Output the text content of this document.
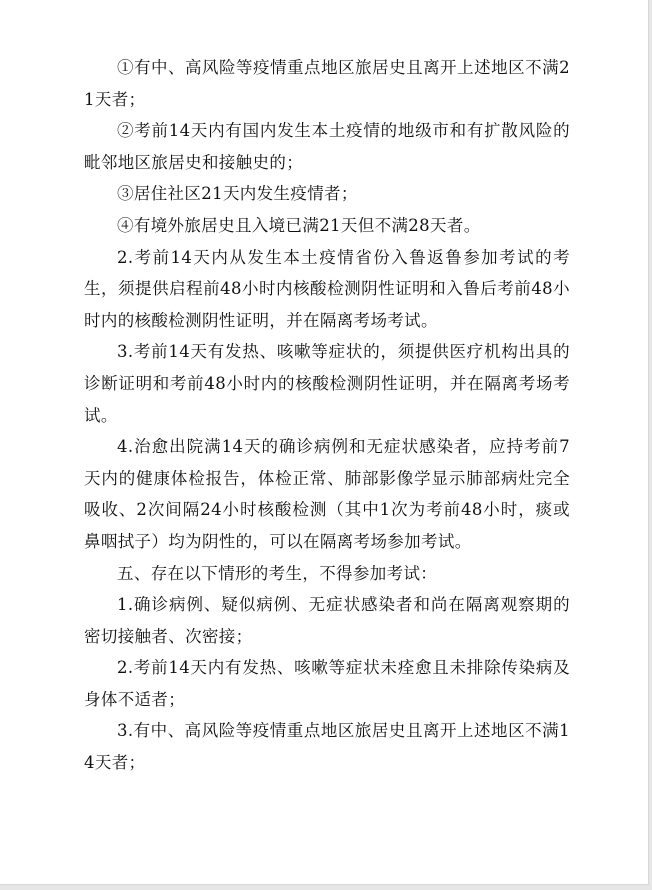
①有中、高风险等疫情重点地区旅居史且离开上述地区不满21天者；

②考前14天内有国内发生本土疫情的地级市和有扩散风险的毗邻地区旅居史和接触史的；

③居住社区21天内发生疫情者；

④有境外旅居史且入境已满21天但不满28天者。

2.考前14天内从发生本土疫情省份入鲁返鲁参加考试的考生，须提供启程前48小时内核酸检测阴性证明和入鲁后考前48小时内的核酸检测阴性证明，并在隔离考场考试。

3.考前14天有发热、咳嗽等症状的，须提供医疗机构出具的诊断证明和考前48小时内的核酸检测阴性证明，并在隔离考场考试。

4.治愈出院满14天的确诊病例和无症状感染者，应持考前7天内的健康体检报告，体检正常、肺部影像学显示肺部病灶完全吸收、2次间隔24小时核酸检测（其中1次为考前48小时，痰或鼻咽拭子）均为阴性的，可以在隔离考场参加考试。

五、存在以下情形的考生，不得参加考试：

1.确诊病例、疑似病例、无症状感染者和尚在隔离观察期的密切接触者、次密接；

2.考前14天内有发热、咳嗽等症状未痊愈且未排除传染病及身体不适者；

3.有中、高风险等疫情重点地区旅居史且离开上述地区不满14天者；
